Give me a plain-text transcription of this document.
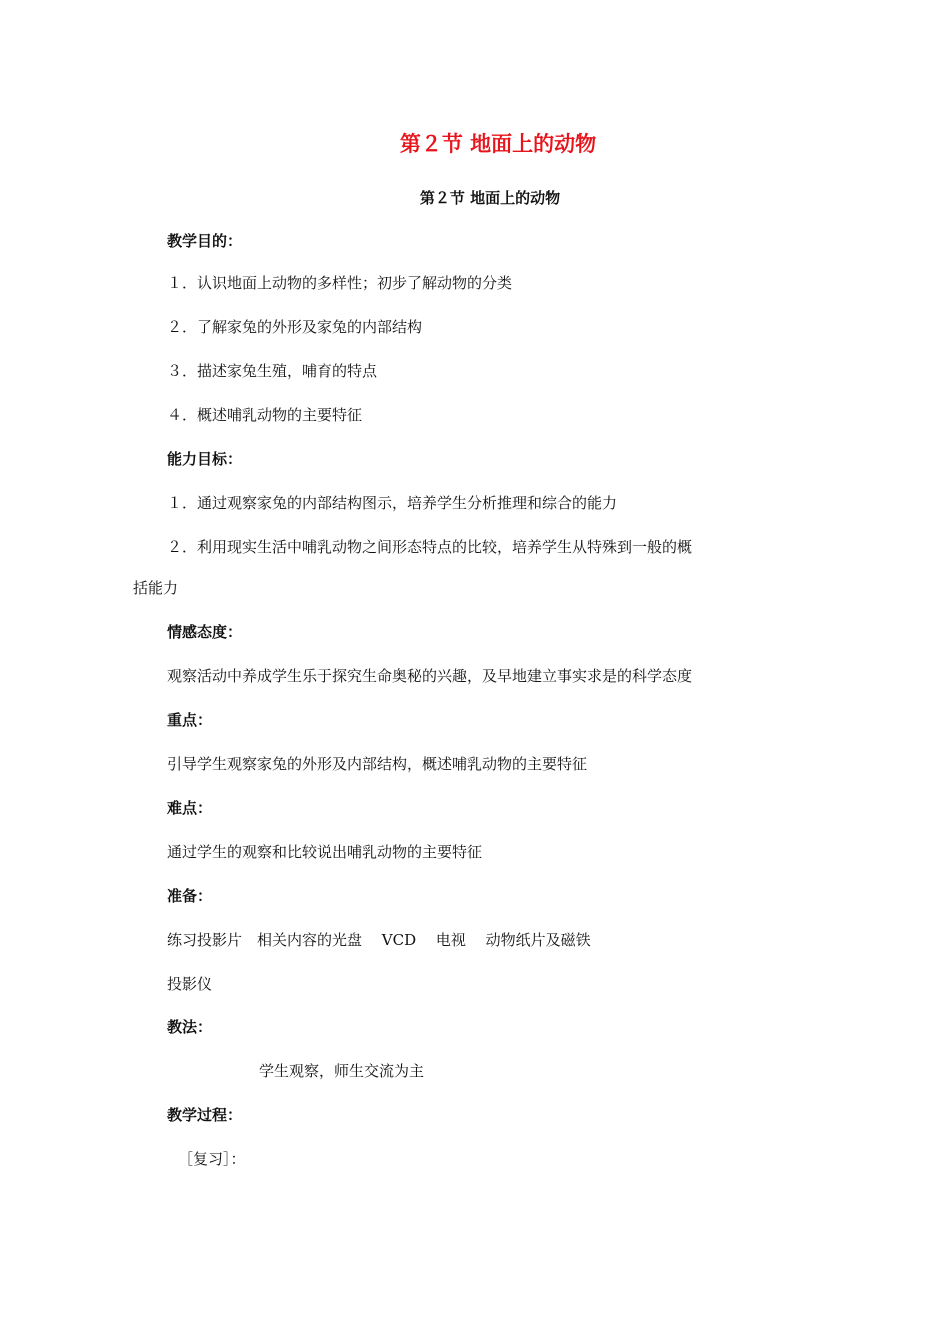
第２节 地面上的动物
第２节 地面上的动物
教学目的：
１．认识地面上动物的多样性；初步了解动物的分类
２．了解家兔的外形及家兔的内部结构
３．描述家兔生殖，哺育的特点
４．概述哺乳动物的主要特征
能力目标：
１．通过观察家兔的内部结构图示，培养学生分析推理和综合的能力
２．利用现实生活中哺乳动物之间形态特点的比较，培养学生从特殊到一般的概
括能力
情感态度：
观察活动中养成学生乐于探究生命奥秘的兴趣，及早地建立事实求是的科学态度
重点：
引导学生观察家兔的外形及内部结构，概述哺乳动物的主要特征
难点：
通过学生的观察和比较说出哺乳动物的主要特征
准备：
练习投影片　相关内容的光盘　 VCD　 电视　 动物纸片及磁铁
投影仪
教法：
学生观察，师生交流为主
教学过程：
［复习］：
